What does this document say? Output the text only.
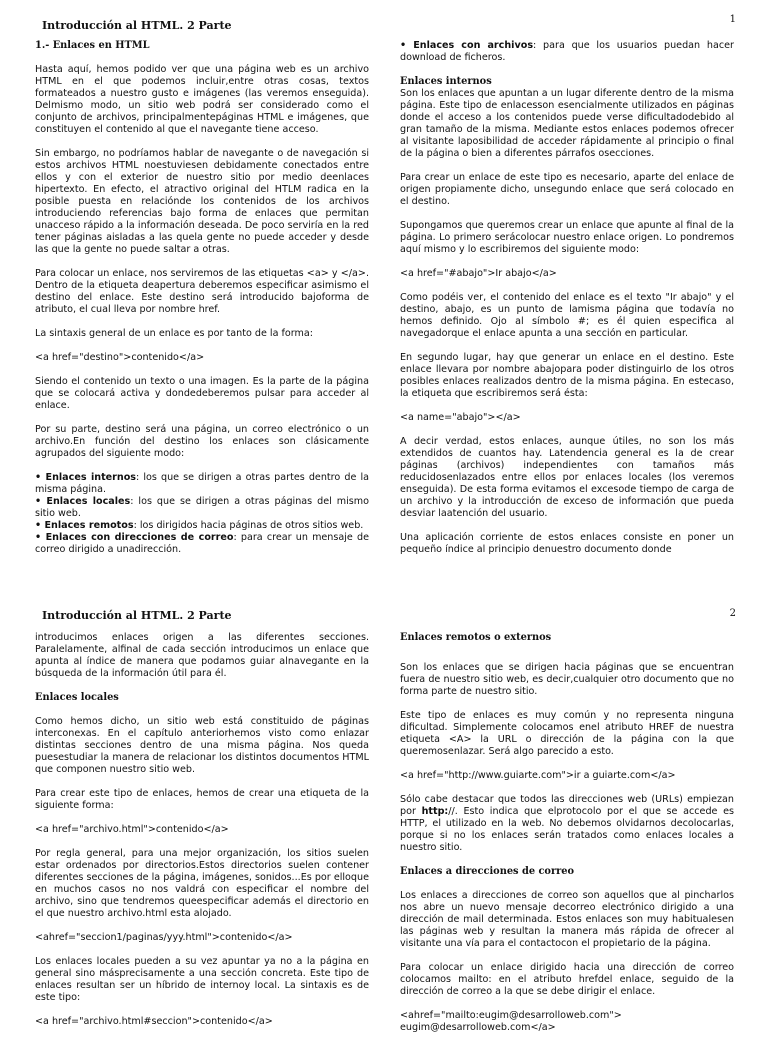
Introducción al HTML. 2 Parte	1
1.- Enlaces en HTML

Hasta aquí, hemos podido ver que una página web es un archivo HTML en el que podemos incluir,entre otras cosas, textos formateados a nuestro gusto e imágenes (las veremos enseguida). Delmismo modo, un sitio web podrá ser considerado como el conjunto de archivos, principalmentepáginas HTML e imágenes, que constituyen el contenido al que el navegante tiene acceso.

Sin embargo, no podríamos hablar de navegante o de navegación si estos archivos HTML noestuviesen debidamente conectados entre ellos y con el exterior de nuestro sitio por medio deenlaces hipertexto. En efecto, el atractivo original del HTLM radica en la posible puesta en relaciónde los contenidos de los archivos introduciendo referencias bajo forma de enlaces que permitan unacceso rápido a la información deseada. De poco serviría en la red tener páginas aisladas a las quela gente no puede acceder y desde las que la gente no puede saltar a otras.

Para colocar un enlace, nos serviremos de las etiquetas <a> y </a>. Dentro de la etiqueta deapertura deberemos especificar asimismo el destino del enlace. Este destino será introducido bajoforma de atributo, el cual lleva por nombre href.

La sintaxis general de un enlace es por tanto de la forma:

<a href="destino">contenido</a>

Siendo el contenido un texto o una imagen. Es la parte de la página que se colocará activa y dondedeberemos pulsar para acceder al enlace.

Por su parte, destino será una página, un correo electrónico o un archivo.En función del destino los enlaces son clásicamente agrupados del siguiente modo:

• Enlaces internos: los que se dirigen a otras partes dentro de la misma página.

• Enlaces locales: los que se dirigen a otras páginas del mismo sitio web.

• Enlaces remotos: los dirigidos hacia páginas de otros sitios web.

• Enlaces con direcciones de correo: para crear un mensaje de correo dirigido a unadirección.

• Enlaces con archivos: para que los usuarios puedan hacer download de ficheros.

Enlaces internos

Son los enlaces que apuntan a un lugar diferente dentro de la misma página. Este tipo de enlacesson esencialmente utilizados en páginas donde el acceso a los contenidos puede verse dificultadodebido al gran tamaño de la misma. Mediante estos enlaces podemos ofrecer al visitante laposibilidad de acceder rápidamente al principio o final de la página o bien a diferentes párrafos osecciones.

Para crear un enlace de este tipo es necesario, aparte del enlace de origen propiamente dicho, unsegundo enlace que será colocado en el destino.

Supongamos que queremos crear un enlace que apunte al final de la página. Lo primero serácolocar nuestro enlace origen. Lo pondremos aquí mismo y lo escribiremos del siguiente modo:

<a href="#abajo">Ir abajo</a>

Como podéis ver, el contenido del enlace es el texto "Ir abajo" y el destino, abajo, es un punto de lamisma página que todavía no hemos definido. Ojo al símbolo #; es él quien especifica al navegadorque el enlace apunta a una sección en particular.

En segundo lugar, hay que generar un enlace en el destino. Este enlace llevara por nombre abajopara poder distinguirlo de los otros posibles enlaces realizados dentro de la misma página. En estecaso, la etiqueta que escribiremos será ésta:

<a name="abajo"></a>

A decir verdad, estos enlaces, aunque útiles, no son los más extendidos de cuantos hay. Latendencia general es la de crear páginas (archivos) independientes con tamaños más reducidosenlazados entre ellos por enlaces locales (los veremos enseguida). De esta forma evitamos el excesode tiempo de carga de un archivo y la introducción de exceso de información que pueda desviar laatención del usuario.

Una aplicación corriente de estos enlaces consiste en poner un pequeño índice al principio denuestro documento donde

Introducción al HTML. 2 Parte	2

introducimos enlaces origen a las diferentes secciones. Paralelamente, alfinal de cada sección introducimos un enlace que apunta al índice de manera que podamos guiar alnavegante en la búsqueda de la información útil para él.

Enlaces locales

Como hemos dicho, un sitio web está constituido de páginas interconexas. En el capítulo anteriorhemos visto como enlazar distintas secciones dentro de una misma página. Nos queda puesestudiar la manera de relacionar los distintos documentos HTML que componen nuestro sitio web.

Para crear este tipo de enlaces, hemos de crear una etiqueta de la siguiente forma:

<a href="archivo.html">contenido</a>

Por regla general, para una mejor organización, los sitios suelen estar ordenados por directorios.Estos directorios suelen contener diferentes secciones de la página, imágenes, sonidos...Es por elloque en muchos casos no nos valdrá con especificar el nombre del archivo, sino que tendremos queespecificar además el directorio en el que nuestro archivo.html esta alojado.

<ahref="seccion1/paginas/yyy.html">contenido</a>

Los enlaces locales pueden a su vez apuntar ya no a la página en general sino másprecisamente a una sección concreta. Este tipo de enlaces resultan ser un híbrido de internoy local. La sintaxis es de este tipo:

<a href="archivo.html#seccion">contenido</a>

Enlaces remotos o externos

Son los enlaces que se dirigen hacia páginas que se encuentran fuera de nuestro sitio web, es decir,cualquier otro documento que no forma parte de nuestro sitio.

Este tipo de enlaces es muy común y no representa ninguna dificultad. Simplemente colocamos enel atributo HREF de nuestra etiqueta <A> la URL o dirección de la página con la que queremosenlazar. Será algo parecido a esto.

<a href="http://www.guiarte.com">ir a guiarte.com</a>

Sólo cabe destacar que todos las direcciones web (URLs) empiezan por http://. Esto indica que elprotocolo por el que se accede es HTTP, el utilizado en la web. No debemos olvidarnos decolocarlas, porque si no los enlaces serán tratados como enlaces locales a nuestro sitio.

Enlaces a direcciones de correo

Los enlaces a direcciones de correo son aquellos que al pincharlos nos abre un nuevo mensaje decorreo electrónico dirigido a una dirección de mail determinada. Estos enlaces son muy habitualesen las páginas web y resultan la manera más rápida de ofrecer al visitante una vía para el contactocon el propietario de la página.

Para colocar un enlace dirigido hacia una dirección de correo colocamos mailto: en el atributo hrefdel enlace, seguido de la dirección de correo a la que se debe dirigir el enlace.

<ahref="mailto:eugim@desarrolloweb.com">

eugim@desarrolloweb.com</a>
